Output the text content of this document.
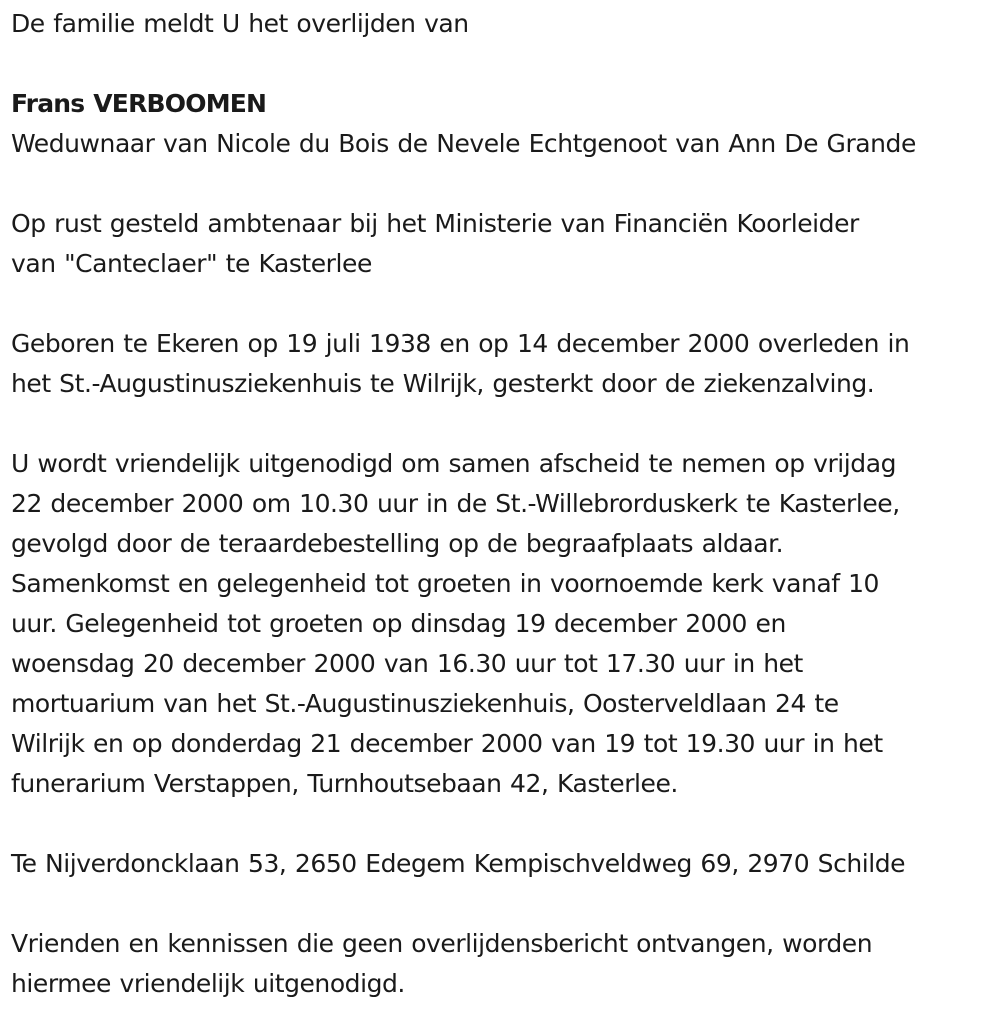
De familie meldt U het overlijden van

Frans VERBOOMEN

Weduwnaar van Nicole du Bois de Nevele Echtgenoot van Ann De Grande

Op rust gesteld ambtenaar bij het Ministerie van Financiën Koorleider

van "Canteclaer" te Kasterlee

Geboren te Ekeren op 19 juli 1938 en op 14 december 2000 overleden in

het St.-Augustinusziekenhuis te Wilrijk, gesterkt door de ziekenzalving.

U wordt vriendelijk uitgenodigd om samen afscheid te nemen op vrijdag

22 december 2000 om 10.30 uur in de St.-Willebrorduskerk te Kasterlee,

gevolgd door de teraardebestelling op de begraafplaats aldaar.

Samenkomst en gelegenheid tot groeten in voornoemde kerk vanaf 10

uur. Gelegenheid tot groeten op dinsdag 19 december 2000 en

woensdag 20 december 2000 van 16.30 uur tot 17.30 uur in het

mortuarium van het St.-Augustinusziekenhuis, Oosterveldlaan 24 te

Wilrijk en op donderdag 21 december 2000 van 19 tot 19.30 uur in het

funerarium Verstappen, Turnhoutsebaan 42, Kasterlee.

Te Nijverdoncklaan 53, 2650 Edegem Kempischveldweg 69, 2970 Schilde

Vrienden en kennissen die geen overlijdensbericht ontvangen, worden

hiermee vriendelijk uitgenodigd.
